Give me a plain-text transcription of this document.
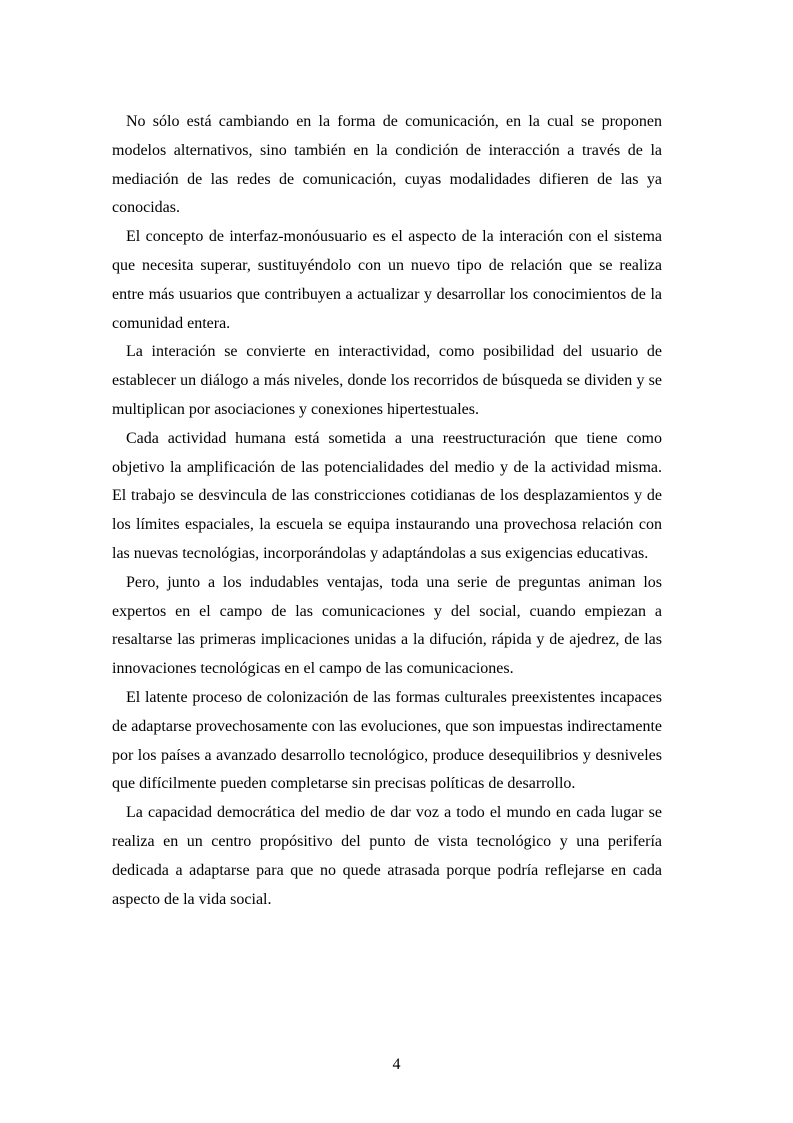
No sólo está cambiando en la forma de comunicación, en la cual se proponen modelos alternativos, sino también en la condición de interacción a través de la mediación de las redes de comunicación, cuyas modalidades difieren de las ya conocidas.

El concepto de interfaz-monóusuario es el aspecto de la interación con el sistema que necesita superar, sustituyéndolo con un nuevo tipo de relación que se realiza entre más usuarios que contribuyen a actualizar y desarrollar los conocimientos de la comunidad entera.

La interación se convierte en interactividad, como posibilidad del usuario de establecer un diálogo a más niveles, donde los recorridos de búsqueda se dividen y se multiplican por asociaciones y conexiones hipertestuales.

Cada actividad humana está sometida a una reestructuración que tiene como objetivo la amplificación de las potencialidades del medio y de la actividad misma. El trabajo se desvincula de las constricciones cotidianas de los desplazamientos y de los límites espaciales, la escuela se equipa instaurando una provechosa relación con las nuevas tecnológias, incorporándolas y adaptándolas a sus exigencias educativas.

Pero, junto a los indudables ventajas, toda una serie de preguntas animan los expertos en el campo de las comunicaciones y del social, cuando empiezan a resaltarse las primeras implicaciones unidas a la difución, rápida y de ajedrez, de las innovaciones tecnológicas en el campo de las comunicaciones.

El latente proceso de colonización de las formas culturales preexistentes incapaces de adaptarse provechosamente con las evoluciones, que son impuestas indirectamente por los países a avanzado desarrollo tecnológico, produce desequilibrios y desniveles que difícilmente pueden completarse sin precisas políticas de desarrollo.

La capacidad democrática del medio de dar voz a todo el mundo en cada lugar se realiza en un centro propósitivo del punto de vista tecnológico y una perifería dedicada a adaptarse para que no quede atrasada porque podría reflejarse en cada aspecto de la vida social.

4
